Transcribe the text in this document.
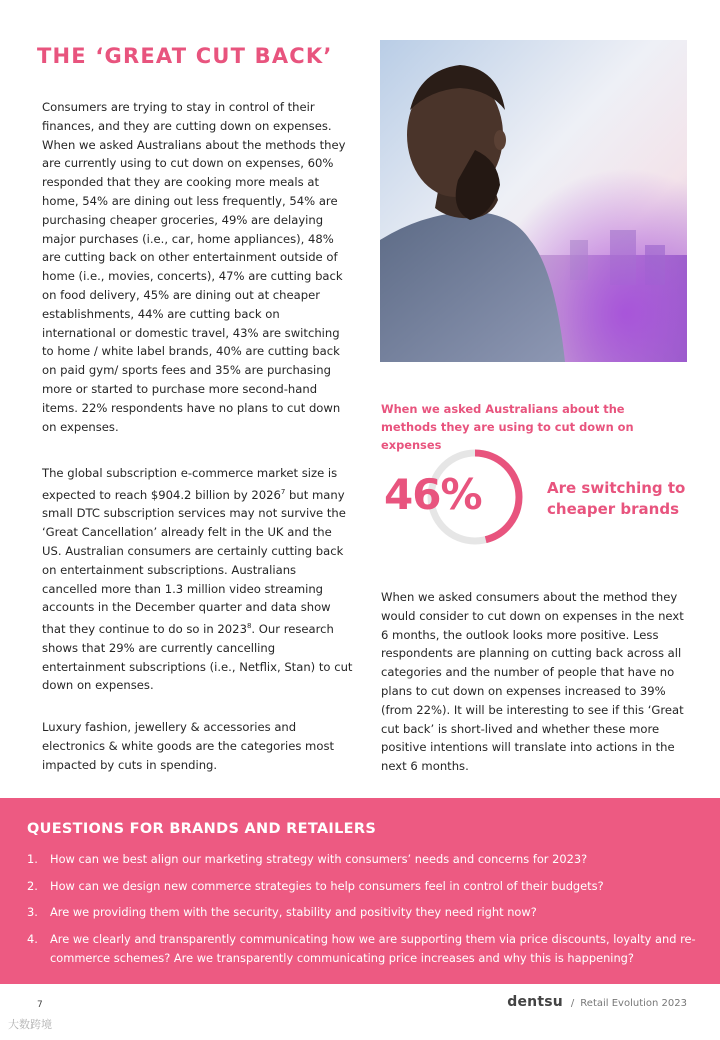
THE ‘GREAT CUT BACK’

Consumers are trying to stay in control of their finances, and they are cutting down on expenses. When we asked Australians about the methods they are currently using to cut down on expenses, 60% responded that they are cooking more meals at home, 54% are dining out less frequently, 54% are purchasing cheaper groceries, 49% are delaying major purchases (i.e., car, home appliances), 48% are cutting back on other entertainment outside of home (i.e., movies, concerts), 47% are cutting back on food delivery, 45% are dining out at cheaper establishments, 44% are cutting back on international or domestic travel, 43% are switching to home / white label brands, 40% are cutting back on paid gym/ sports fees and 35% are purchasing more or started to purchase more second-hand items. 22% respondents have no plans to cut down on expenses.

The global subscription e-commerce market size is expected to reach $904.2 billion by 2026$^7$ but many small DTC subscription services may not survive the ‘Great Cancellation’ already felt in the UK and the US. Australian consumers are certainly cutting back on entertainment subscriptions. Australians cancelled more than 1.3 million video streaming accounts in the December quarter and data show that they continue to do so in 2023$^8$. Our research shows that 29% are currently cancelling entertainment subscriptions (i.e., Netflix, Stan) to cut down on expenses.

Luxury fashion, jewellery & accessories and electronics & white goods are the categories most impacted by cuts in spending.

When we asked Australians about the methods they are using to cut down on expenses
46%	Are switching to cheaper brands

When we asked consumers about the method they would consider to cut down on expenses in the next 6 months, the outlook looks more positive. Less respondents are planning on cutting back across all categories and the number of people that have no plans to cut down on expenses increased to 39% (from 22%). It will be interesting to see if this ‘Great cut back’ is short-lived and whether these more positive intentions will translate into actions in the next 6 months.

QUESTIONS FOR BRANDS AND RETAILERS
1.	How can we best align our marketing strategy with consumers’ needs and concerns for 2023?
2.	How can we design new commerce strategies to help consumers feel in control of their budgets?
3.	Are we providing them with the security, stability and positivity they need right now?
4.	Are we clearly and transparently communicating how we are supporting them via price discounts, loyalty and re-commerce schemes? Are we transparently communicating price increases and why this is happening?
7	dentsu / Retail Evolution 2023
大数跨境
